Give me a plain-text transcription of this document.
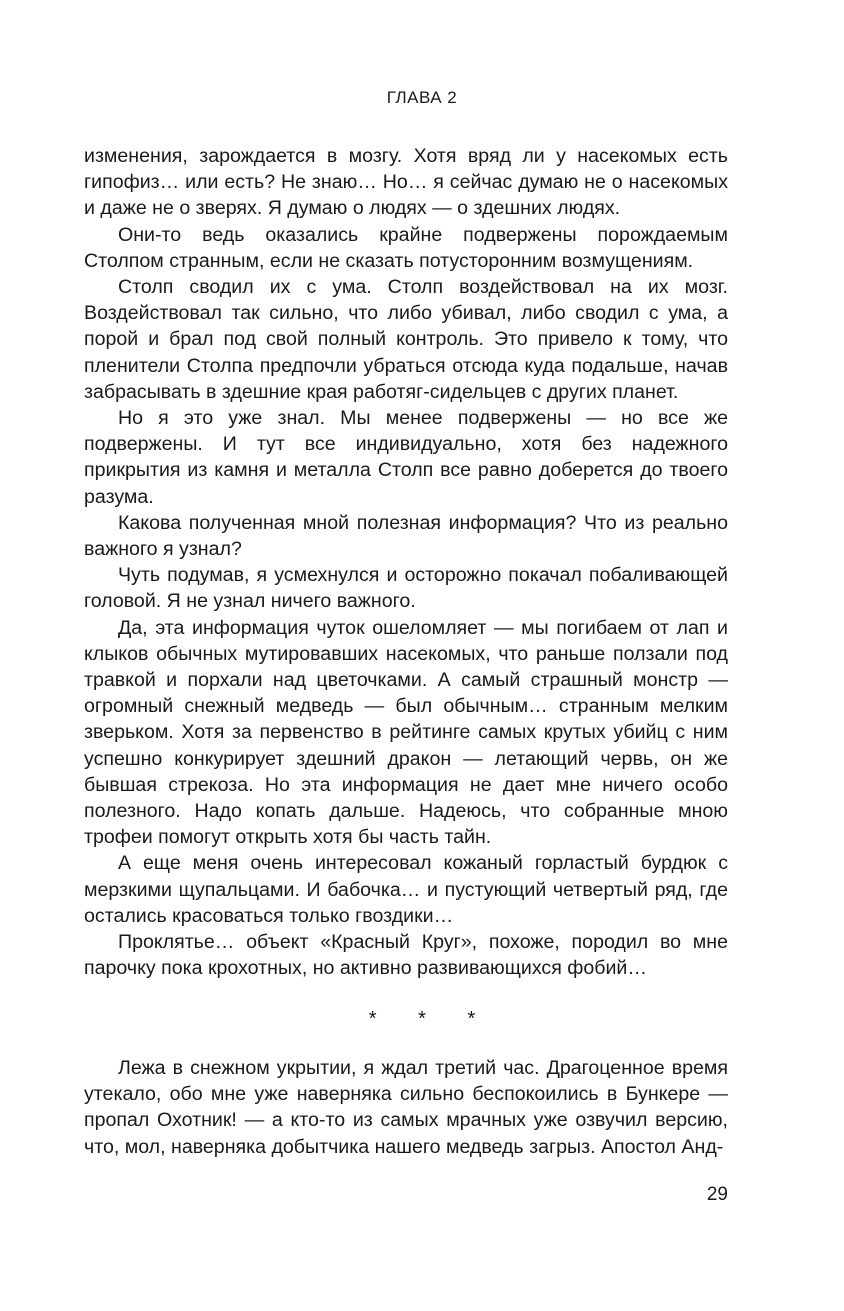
ГЛАВА 2

изменения, зарождается в мозгу. Хотя вряд ли у насекомых есть гипофиз… или есть? Не знаю… Но… я сейчас думаю не о насекомых и даже не о зверях. Я думаю о людях — о здешних людях.

Они-то ведь оказались крайне подвержены порождаемым Столпом странным, если не сказать потусторонним возмущениям.

Столп сводил их с ума. Столп воздействовал на их мозг. Воздействовал так сильно, что либо убивал, либо сводил с ума, а порой и брал под свой полный контроль. Это привело к тому, что пленители Столпа предпочли убраться отсюда куда подальше, начав забрасывать в здешние края работяг-сидельцев с других планет.

Но я это уже знал. Мы менее подвержены — но все же подвержены. И тут все индивидуально, хотя без надежного прикрытия из камня и металла Столп все равно доберется до твоего разума.

Какова полученная мной полезная информация? Что из реально важного я узнал?

Чуть подумав, я усмехнулся и осторожно покачал побаливающей головой. Я не узнал ничего важного.

Да, эта информация чуток ошеломляет — мы погибаем от лап и клыков обычных мутировавших насекомых, что раньше ползали под травкой и порхали над цветочками. А самый страшный монстр — огромный снежный медведь — был обычным… странным мелким зверьком. Хотя за первенство в рейтинге самых крутых убийц с ним успешно конкурирует здешний дракон — летающий червь, он же бывшая стрекоза. Но эта информация не дает мне ничего особо полезного. Надо копать дальше. Надеюсь, что собранные мною трофеи помогут открыть хотя бы часть тайн.

А еще меня очень интересовал кожаный горластый бурдюк с мерзкими щупальцами. И бабочка… и пустующий четвертый ряд, где остались красоваться только гвоздики…

Проклятье… объект «Красный Круг», похоже, породил во мне парочку пока крохотных, но активно развивающихся фобий…

* * *

Лежа в снежном укрытии, я ждал третий час. Драгоценное время утекало, обо мне уже наверняка сильно беспокоились в Бункере — пропал Охотник! — а кто-то из самых мрачных уже озвучил версию, что, мол, наверняка добытчика нашего медведь загрыз. Апостол Анд-

29
